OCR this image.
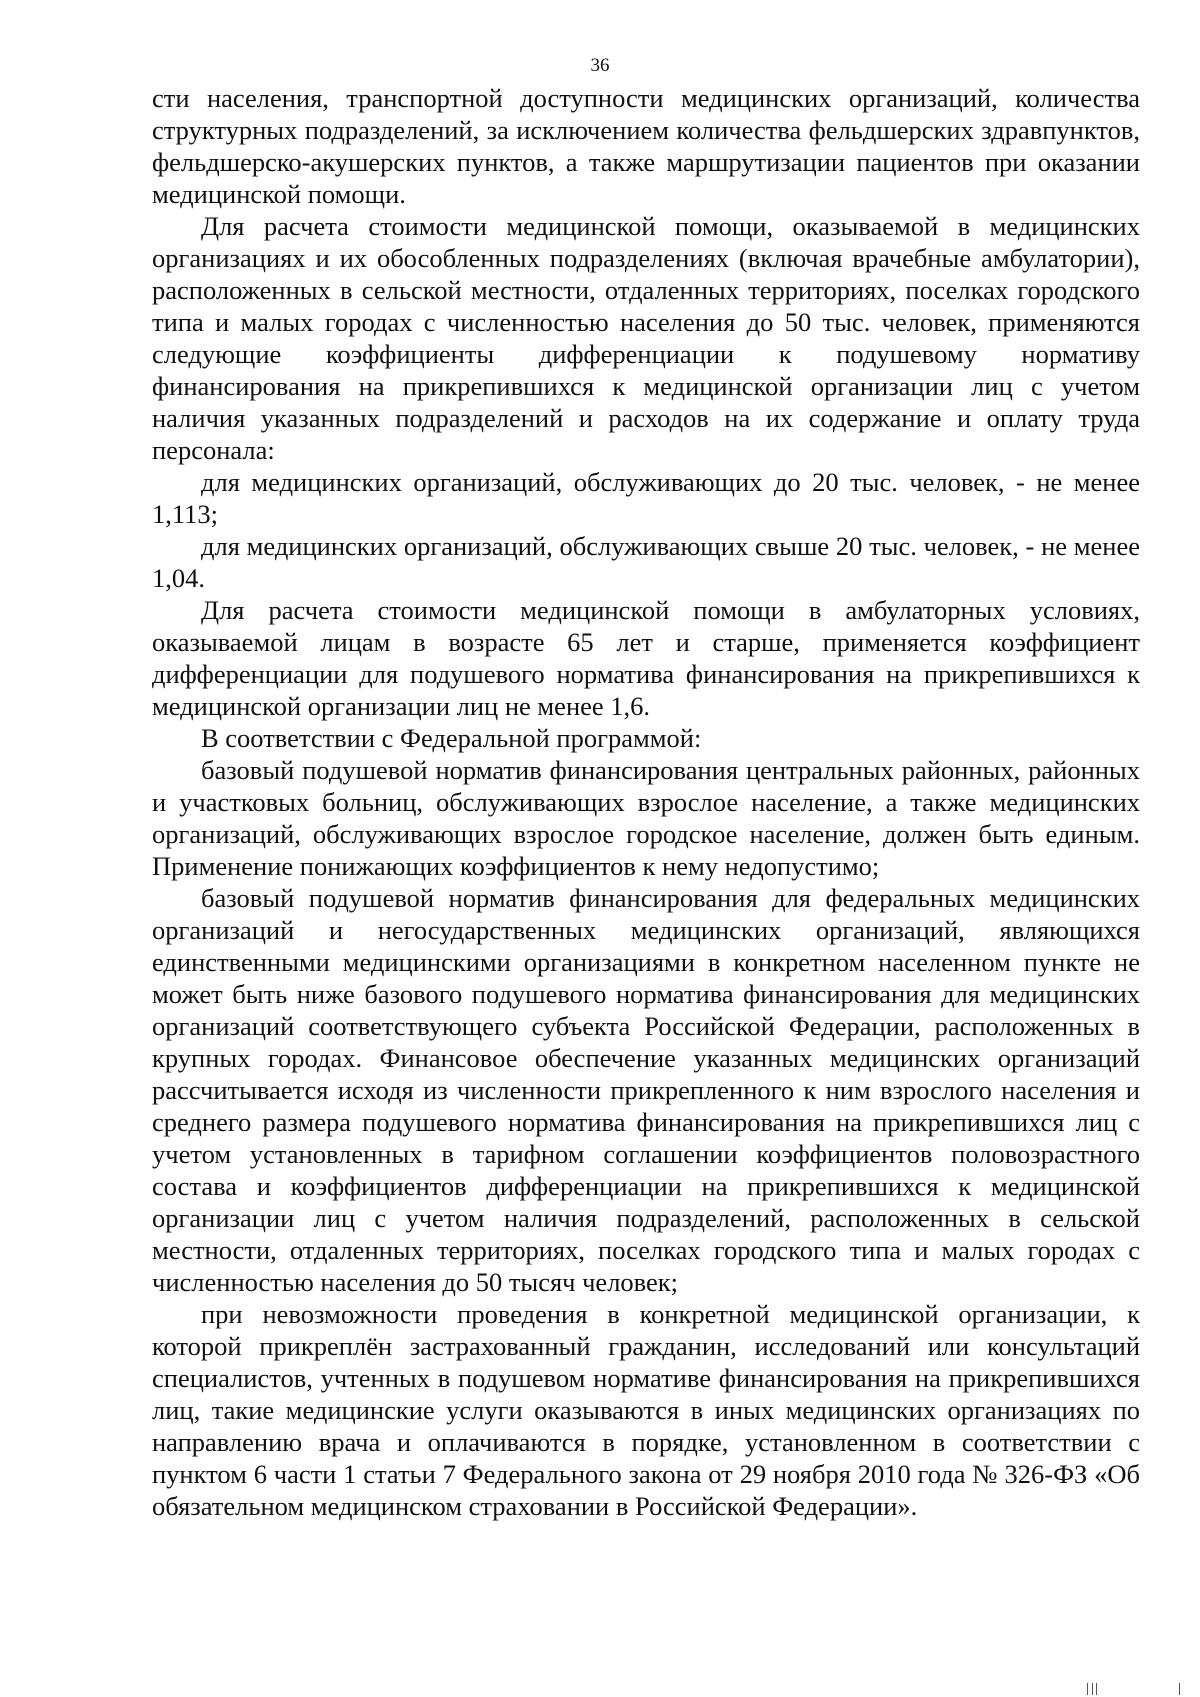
36

сти населения, транспортной доступности медицинских организаций, количества структурных подразделений, за исключением количества фельдшерских здравпунктов, фельдшерско-акушерских пунктов, а также маршрутизации пациентов при оказании медицинской помощи.

Для расчета стоимости медицинской помощи, оказываемой в медицинских организациях и их обособленных подразделениях (включая врачебные амбулатории), расположенных в сельской местности, отдаленных территориях, поселках городского типа и малых городах с численностью населения до 50 тыс. человек, применяются следующие коэффициенты дифференциации к подушевому нормативу финансирования на прикрепившихся к медицинской организации лиц с учетом наличия указанных подразделений и расходов на их содержание и оплату труда персонала:

для медицинских организаций, обслуживающих до 20 тыс. человек, - не менее 1,113;

для медицинских организаций, обслуживающих свыше 20 тыс. человек, - не менее 1,04.

Для расчета стоимости медицинской помощи в амбулаторных условиях, оказываемой лицам в возрасте 65 лет и старше, применяется коэффициент дифференциации для подушевого норматива финансирования на прикрепившихся к медицинской организации лиц не менее 1,6.

В соответствии с Федеральной программой:

базовый подушевой норматив финансирования центральных районных, районных и участковых больниц, обслуживающих взрослое население, а также медицинских организаций, обслуживающих взрослое городское население, должен быть единым. Применение понижающих коэффициентов к нему недопустимо;

базовый подушевой норматив финансирования для федеральных медицинских организаций и негосударственных медицинских организаций, являющихся единственными медицинскими организациями в конкретном населенном пункте не может быть ниже базового подушевого норматива финансирования для медицинских организаций соответствующего субъекта Российской Федерации, расположенных в крупных городах. Финансовое обеспечение указанных медицинских организаций рассчитывается исходя из численности прикрепленного к ним взрослого населения и среднего размера подушевого норматива финансирования на прикрепившихся лиц с учетом установленных в тарифном соглашении коэффициентов половозрастного состава и коэффициентов дифференциации на прикрепившихся к медицинской организации лиц с учетом наличия подразделений, расположенных в сельской местности, отдаленных территориях, поселках городского типа и малых городах с численностью населения до 50 тысяч человек;

при невозможности проведения в конкретной медицинской организации, к которой прикреплён застрахованный гражданин, исследований или консультаций специалистов, учтенных в подушевом нормативе финансирования на прикрепившихся лиц, такие медицинские услуги оказываются в иных медицинских организациях по направлению врача и оплачиваются в порядке, установленном в соответствии с пунктом 6 части 1 статьи 7 Федерального закона от 29 ноября 2010 года № 326-ФЗ «Об обязательном медицинском страховании в Российской Федерации».
